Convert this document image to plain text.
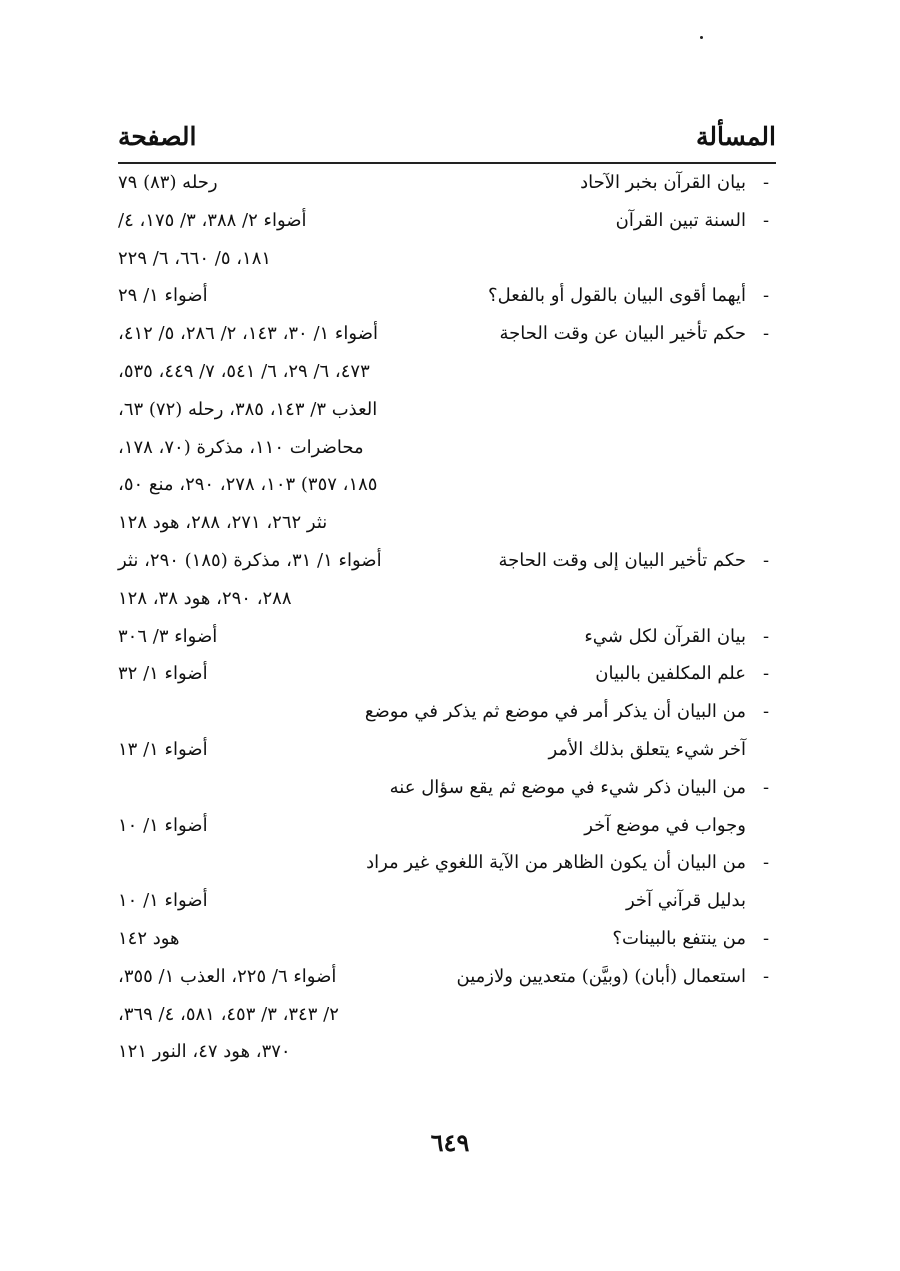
المسألة
الصفحة
-
بيان القرآن بخبر الآحاد
رحله (٨٣) ٧٩
-
السنة تبين القرآن
أضواء ٢/ ٣٨٨، ٣/ ١٧٥، ٤/
١٨١، ٥/ ٦٦٠، ٦/ ٢٢٩
-
أيهما أقوى البيان بالقول أو بالفعل؟
أضواء ١/ ٢٩
-
حكم تأخير البيان عن وقت الحاجة
أضواء ١/ ٣٠، ١٤٣، ٢/ ٢٨٦، ٥/ ٤١٢،
٤٧٣، ٦/ ٢٩، ٦/ ٥٤١، ٧/ ٤٤٩، ٥٣٥،
العذب ٣/ ١٤٣، ٣٨٥، رحله (٧٢) ٦٣،
محاضرات ١١٠، مذكرة (٧٠، ١٧٨،
١٨٥، ٣٥٧) ١٠٣، ٢٧٨، ٢٩٠، منع ٥٠،
نثر ٢٦٢، ٢٧١، ٢٨٨، هود ١٢٨
-
حكم تأخير البيان إلى وقت الحاجة
أضواء ١/ ٣١، مذكرة (١٨٥) ٢٩٠، نثر
٢٨٨، ٢٩٠، هود ٣٨، ١٢٨
-
بيان القرآن لكل شيء
أضواء ٣/ ٣٠٦
-
علم المكلفين بالبيان
أضواء ١/ ٣٢
-
من البيان أن يذكر أمر في موضع ثم يذكر في موضع
آخر شيء يتعلق بذلك الأمر
أضواء ١/ ١٣
-
من البيان ذكر شيء في موضع ثم يقع سؤال عنه
وجواب في موضع آخر
أضواء ١/ ١٠
-
من البيان أن يكون الظاهر من الآية اللغوي غير مراد
بدليل قرآني آخر
أضواء ١/ ١٠
-
من ينتفع بالبينات؟
هود ١٤٢
-
استعمال (أبان) (وبيَّن) متعديين ولازمين
أضواء ٦/ ٢٢٥، العذب ١/ ٣٥٥،
٢/ ٣٤٣، ٣/ ٤٥٣، ٥٨١، ٤/ ٣٦٩،
٣٧٠، هود ٤٧، النور ١٢١
٦٤٩
